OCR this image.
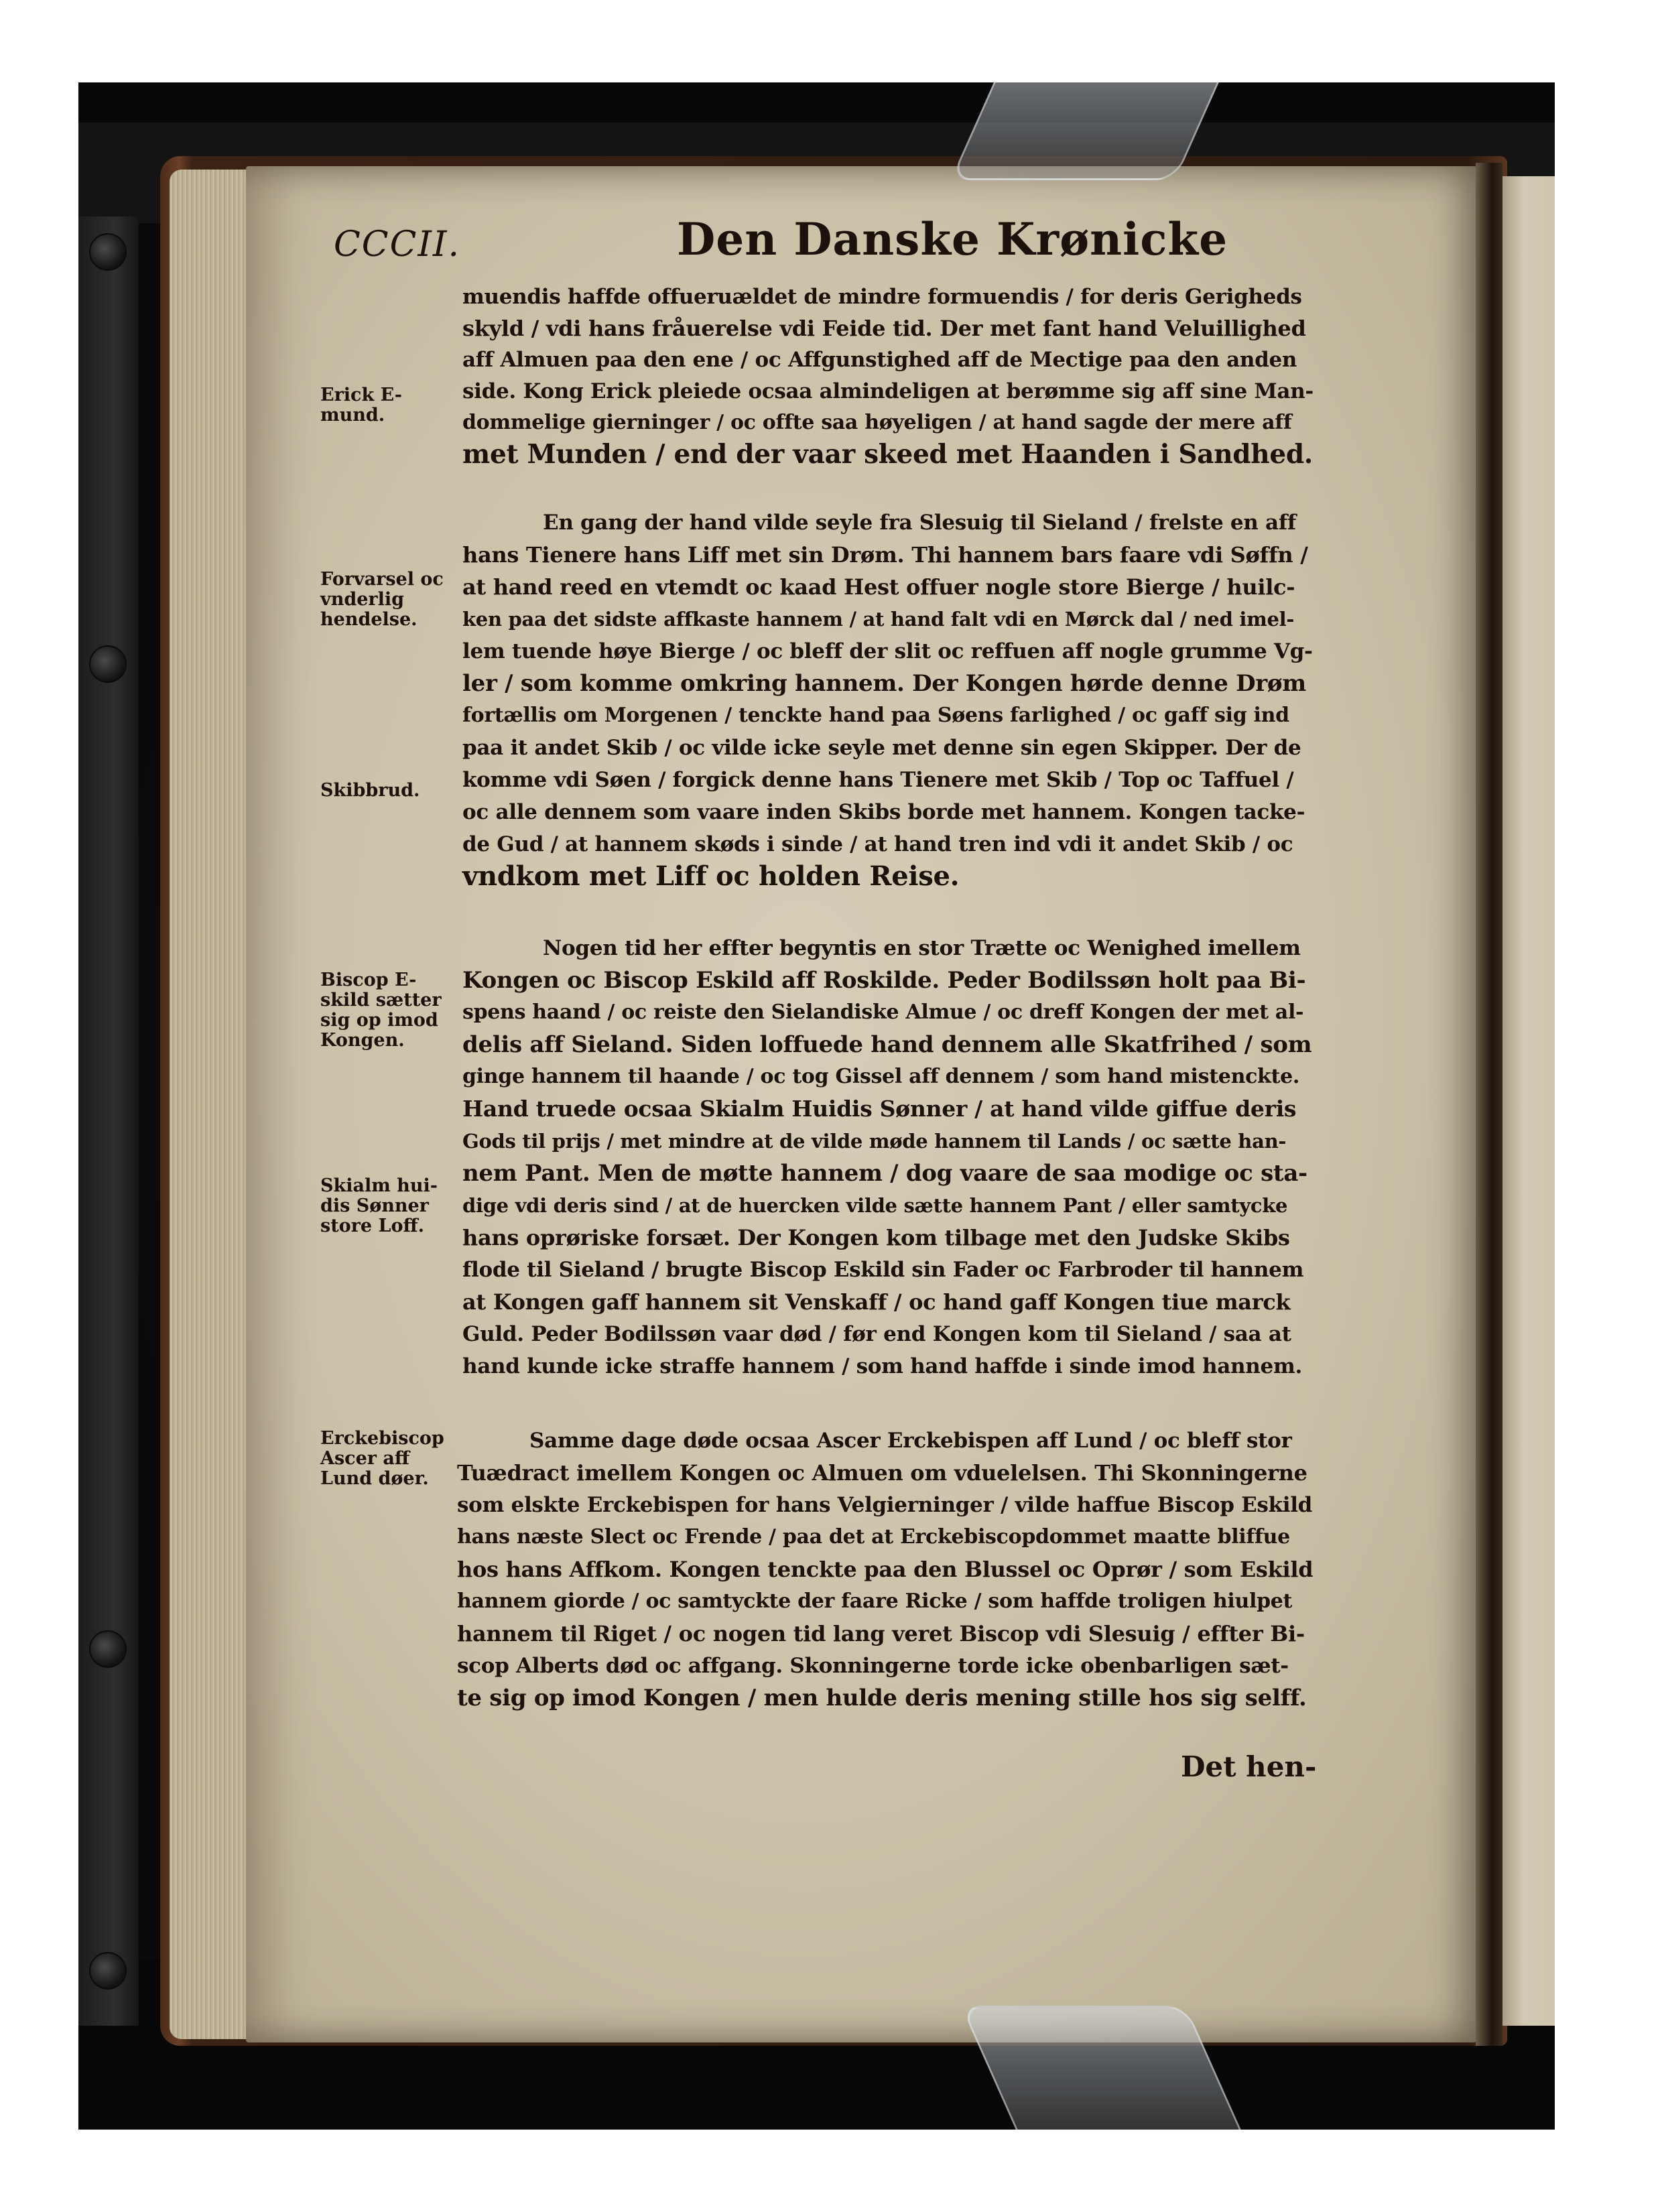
CCCII.	Den Danske Krønicke
Erick E-
mund.
Forvarsel oc
vnderlig
hendelse.
Skibbrud.
Biscop E-
skild sætter
sig op imod
Kongen.
Skialm hui-
dis Sønner
store Loff.
Erckebiscop
Ascer aff
Lund døer.
muendis haffde offueruældet de mindre formuendis / for deris Gerigheds
skyld / vdi hans fråuerelse vdi Feide tid. Der met fant hand Veluillighed
aff Almuen paa den ene / oc Affgunstighed aff de Mectige paa den anden
side. Kong Erick pleiede ocsaa almindeligen at berømme sig aff sine Man-
dommelige gierninger / oc offte saa høyeligen / at hand sagde der mere aff
met Munden / end der vaar skeed met Haanden i Sandhed.
En gang der hand vilde seyle fra Slesuig til Sieland / frelste en aff
hans Tienere hans Liff met sin Drøm. Thi hannem bars faare vdi Søffn /
at hand reed en vtemdt oc kaad Hest offuer nogle store Bierge / huilc-
ken paa det sidste affkaste hannem / at hand falt vdi en Mørck dal / ned imel-
lem tuende høye Bierge / oc bleff der slit oc reffuen aff nogle grumme Vg-
ler / som komme omkring hannem. Der Kongen hørde denne Drøm
fortællis om Morgenen / tenckte hand paa Søens farlighed / oc gaff sig ind
paa it andet Skib / oc vilde icke seyle met denne sin egen Skipper. Der de
komme vdi Søen / forgick denne hans Tienere met Skib / Top oc Taffuel /
oc alle dennem som vaare inden Skibs borde met hannem. Kongen tacke-
de Gud / at hannem skøds i sinde / at hand tren ind vdi it andet Skib / oc
vndkom met Liff oc holden Reise.
Nogen tid her effter begyntis en stor Trætte oc Wenighed imellem
Kongen oc Biscop Eskild aff Roskilde. Peder Bodilssøn holt paa Bi-
spens haand / oc reiste den Sielandiske Almue / oc dreff Kongen der met al-
delis aff Sieland. Siden loffuede hand dennem alle Skatfrihed / som
ginge hannem til haande / oc tog Gissel aff dennem / som hand mistenckte.
Hand truede ocsaa Skialm Huidis Sønner / at hand vilde giffue deris
Gods til prijs / met mindre at de vilde møde hannem til Lands / oc sætte han-
nem Pant. Men de møtte hannem / dog vaare de saa modige oc sta-
dige vdi deris sind / at de huercken vilde sætte hannem Pant / eller samtycke
hans oprøriske forsæt. Der Kongen kom tilbage met den Judske Skibs
flode til Sieland / brugte Biscop Eskild sin Fader oc Farbroder til hannem
at Kongen gaff hannem sit Venskaff / oc hand gaff Kongen tiue marck
Guld. Peder Bodilssøn vaar død / før end Kongen kom til Sieland / saa at
hand kunde icke straffe hannem / som hand haffde i sinde imod hannem.
Samme dage døde ocsaa Ascer Erckebispen aff Lund / oc bleff stor
Tuædract imellem Kongen oc Almuen om vduelelsen. Thi Skonningerne
som elskte Erckebispen for hans Velgierninger / vilde haffue Biscop Eskild
hans næste Slect oc Frende / paa det at Erckebiscopdommet maatte bliffue
hos hans Affkom. Kongen tenckte paa den Blussel oc Oprør / som Eskild
hannem giorde / oc samtyckte der faare Ricke / som haffde troligen hiulpet
hannem til Riget / oc nogen tid lang veret Biscop vdi Slesuig / effter Bi-
scop Alberts død oc affgang. Skonningerne torde icke obenbarligen sæt-
te sig op imod Kongen / men hulde deris mening stille hos sig selff.
Det hen-
Early European Books, Copyright © 2010 ProQuest LLC.
Images reproduced by courtesy of the Royal Library, Copenhagen.
Vilh. Bruuns Samling (LN 1451 2° copy 5)
